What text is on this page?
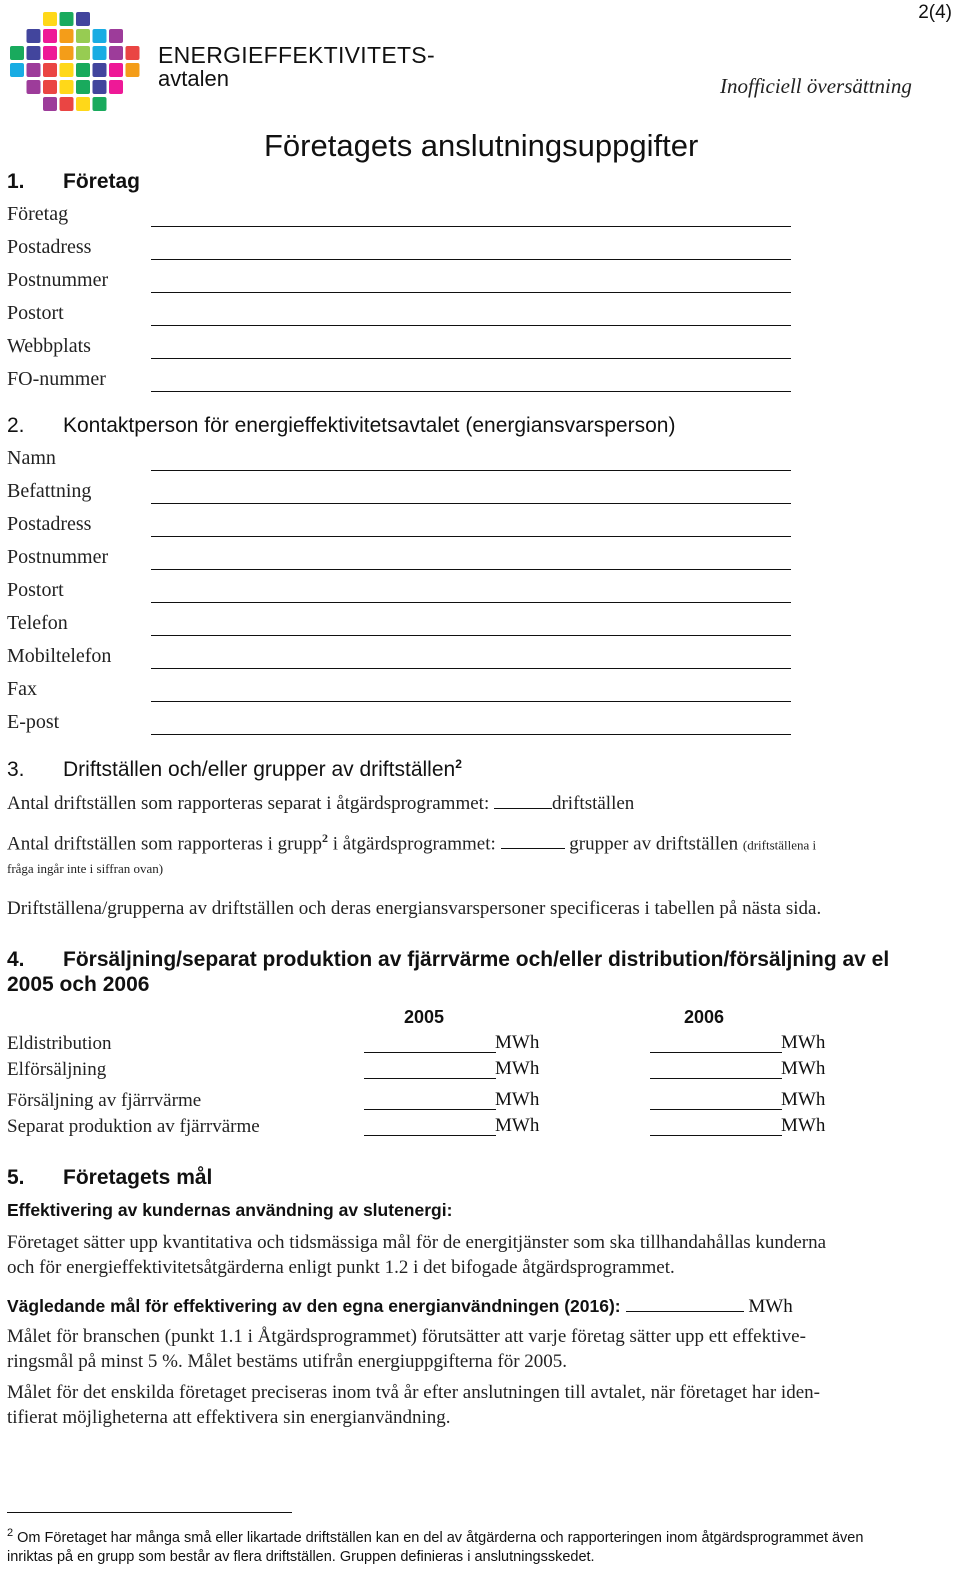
2(4)
ENERGIEFFEKTIVITETS-
avtalen	Inofficiell översättning
Företagets anslutningsuppgifter
1. Företag
Företag
Postadress
Postnummer
Postort
Webbplats
FO-nummer
2. Kontaktperson för energieffektivitetsavtalet (energiansvarsperson)
Namn
Befattning
Postadress
Postnummer
Postort
Telefon
Mobiltelefon
Fax
E-post
3. Driftställen och/eller grupper av driftställen$^2$
Antal driftställen som rapporteras separat i åtgärdsprogrammet:	driftställen
Antal driftställen som rapporteras i grupp$^2$ i åtgärdsprogrammet:	grupper av driftställen (driftställena i
fråga ingår inte i siffran ovan)
Driftställena/grupperna av driftställen och deras energiansvarspersoner specificeras i tabellen på nästa sida.
4. Försäljning/separat produktion av fjärrvärme och/eller distribution/försäljning av el
2005 och 2006
2005	2006
Eldistribution	MWh	MWh
Elförsäljning	MWh	MWh
Försäljning av fjärrvärme	MWh	MWh
Separat produktion av fjärrvärme	MWh	MWh
5. Företagets mål
Effektivering av kundernas användning av slutenergi:
Företaget sätter upp kvantitativa och tidsmässiga mål för de energitjänster som ska tillhandahållas kunderna
och för energieffektivitetsåtgärderna enligt punkt 1.2 i det bifogade åtgärdsprogrammet.
Vägledande mål för effektivering av den egna energianvändningen (2016):	MWh
Målet för branschen (punkt 1.1 i Åtgärdsprogrammet) förutsätter att varje företag sätter upp ett effektive-
ringsmål på minst 5 %. Målet bestäms utifrån energiuppgifterna för 2005.
Målet för det enskilda företaget preciseras inom två år efter anslutningen till avtalet, när företaget har iden-
tifierat möjligheterna att effektivera sin energianvändning.
$^2$ Om Företaget har många små eller likartade driftställen kan en del av åtgärderna och rapporteringen inom åtgärdsprogrammet även
inriktas på en grupp som består av flera driftställen. Gruppen definieras i anslutningsskedet.
